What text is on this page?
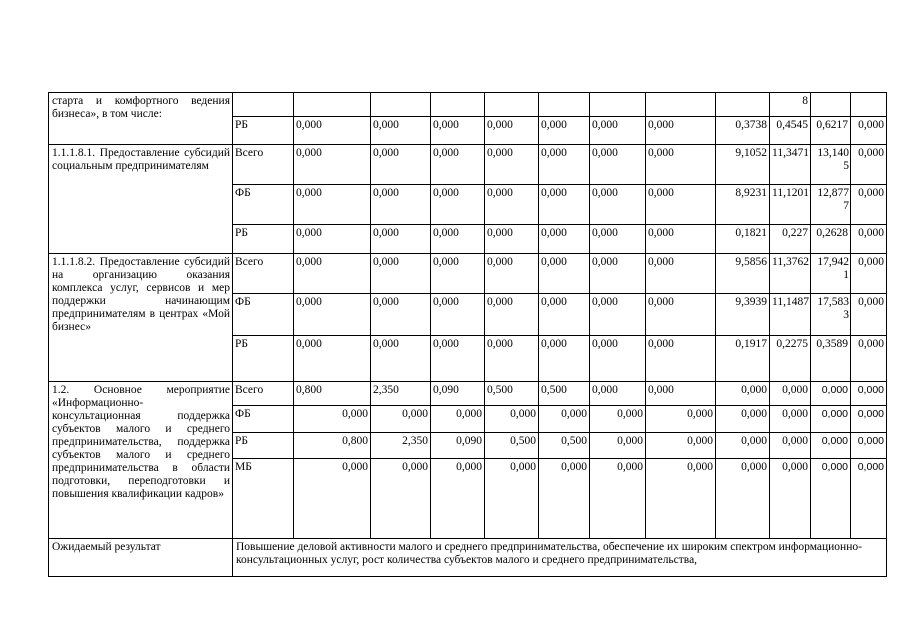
старта и комфортного ведения бизнеса», в том числе:										8		
	РБ	0,000	0,000	0,000	0,000	0,000	0,000	0,000	0,3738	0,4545	0,6217	0,000
1.1.1.8.1. Предоставление субсидий социальным предпринимателям	Всего	0,000	0,000	0,000	0,000	0,000	0,000	0,000	9,1052	11,3471	13,1405	0,000
	ФБ	0,000	0,000	0,000	0,000	0,000	0,000	0,000	8,9231	11,1201	12,8777	0,000
	РБ	0,000	0,000	0,000	0,000	0,000	0,000	0,000	0,1821	0,227	0,2628	0,000
1.1.1.8.2. Предоставление субсидий на организацию оказания комплекса услуг, сервисов и мер поддержки начинающим предпринимателям в центрах «Мой бизнес»	Всего	0,000	0,000	0,000	0,000	0,000	0,000	0,000	9,5856	11,3762	17,9421	0,000
	ФБ	0,000	0,000	0,000	0,000	0,000	0,000	0,000	9,3939	11,1487	17,5833	0,000
	РБ	0,000	0,000	0,000	0,000	0,000	0,000	0,000	0,1917	0,2275	0,3589	0,000
1.2. Основное мероприятие «Информационно-консультационная поддержка субъектов малого и среднего предпринимательства, поддержка субъектов малого и среднего предпринимательства в области подготовки, переподготовки и повышения квалификации кадров»	Всего	0,800	2,350	0,090	0,500	0,500	0,000	0,000	0,000	0,000	0,000	0,000
	ФБ	0,000	0,000	0,000	0,000	0,000	0,000	0,000	0,000	0,000	0,000	0,000
	РБ	0,800	2,350	0,090	0,500	0,500	0,000	0,000	0,000	0,000	0,000	0,000
	МБ	0,000	0,000	0,000	0,000	0,000	0,000	0,000	0,000	0,000	0,000	0,000
Ожидаемый результат	Повышение деловой активности малого и среднего предпринимательства, обеспечение их широким спектром информационно-консультационных услуг, рост количества субъектов малого и среднего предпринимательства,											
